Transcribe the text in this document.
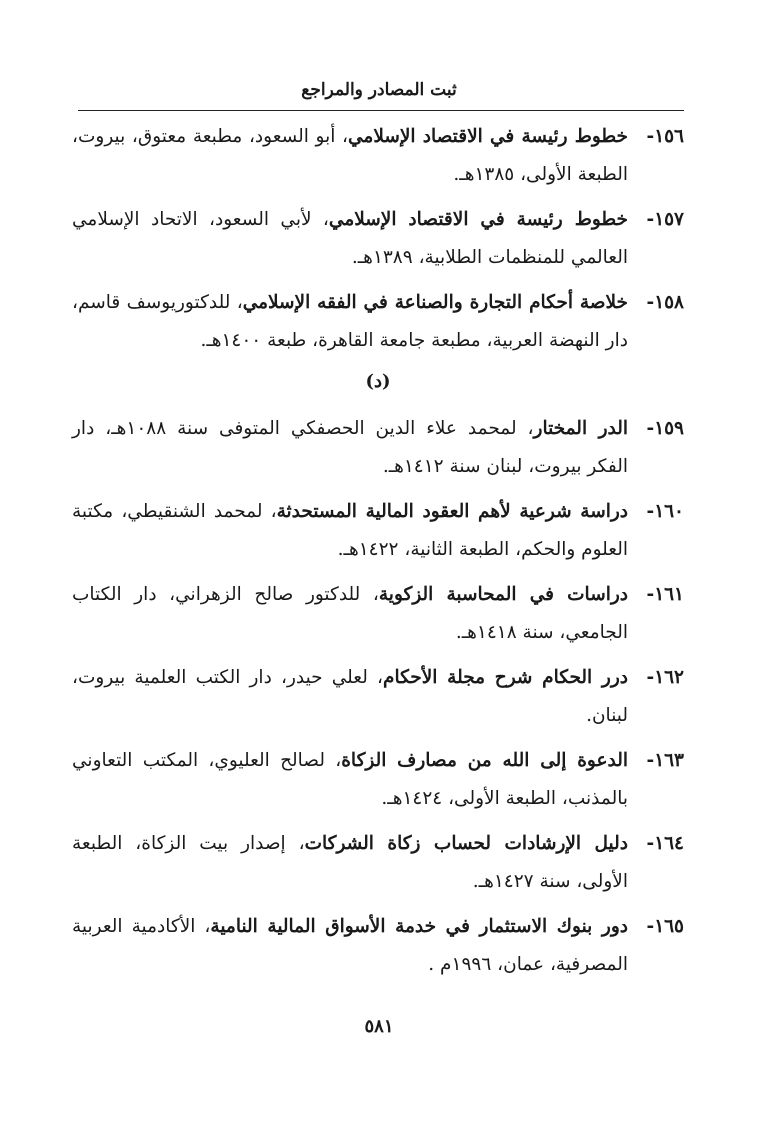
ثبت المصادر والمراجع
١٥٦-
خطوط رئيسة في الاقتصاد الإسلامي، أبو السعود، مطبعة معتوق، بيروت، الطبعة الأولى، ١٣٨٥هـ.
١٥٧-
خطوط رئيسة في الاقتصاد الإسلامي، لأبي السعود، الاتحاد الإسلامي العالمي للمنظمات الطلابية، ١٣٨٩هـ.
١٥٨-
خلاصة أحكام التجارة والصناعة في الفقه الإسلامي، للدكتوريوسف قاسم، دار النهضة العربية، مطبعة جامعة القاهرة، طبعة ١٤٠٠هـ.
(د)
١٥٩-
الدر المختار، لمحمد علاء الدين الحصفكي المتوفى سنة ١٠٨٨هـ، دار الفكر بيروت، لبنان سنة ١٤١٢هـ.
١٦٠-
دراسة شرعية لأهم العقود المالية المستحدثة، لمحمد الشنقيطي، مكتبة العلوم والحكم، الطبعة الثانية، ١٤٢٢هـ.
١٦١-
دراسات في المحاسبة الزكوية، للدكتور صالح الزهراني، دار الكتاب الجامعي، سنة ١٤١٨هـ.
١٦٢-
درر الحكام شرح مجلة الأحكام، لعلي حيدر، دار الكتب العلمية بيروت، لبنان.
١٦٣-
الدعوة إلى الله من مصارف الزكاة، لصالح العليوي، المكتب التعاوني بالمذنب، الطبعة الأولى، ١٤٢٤هـ.
١٦٤-
دليل الإرشادات لحساب زكاة الشركات، إصدار بيت الزكاة، الطبعة الأولى، سنة ١٤٢٧هـ.
١٦٥-
دور بنوك الاستثمار في خدمة الأسواق المالية النامية، الأكادمية العربية المصرفية، عمان، ١٩٩٦م .
٥٨١
